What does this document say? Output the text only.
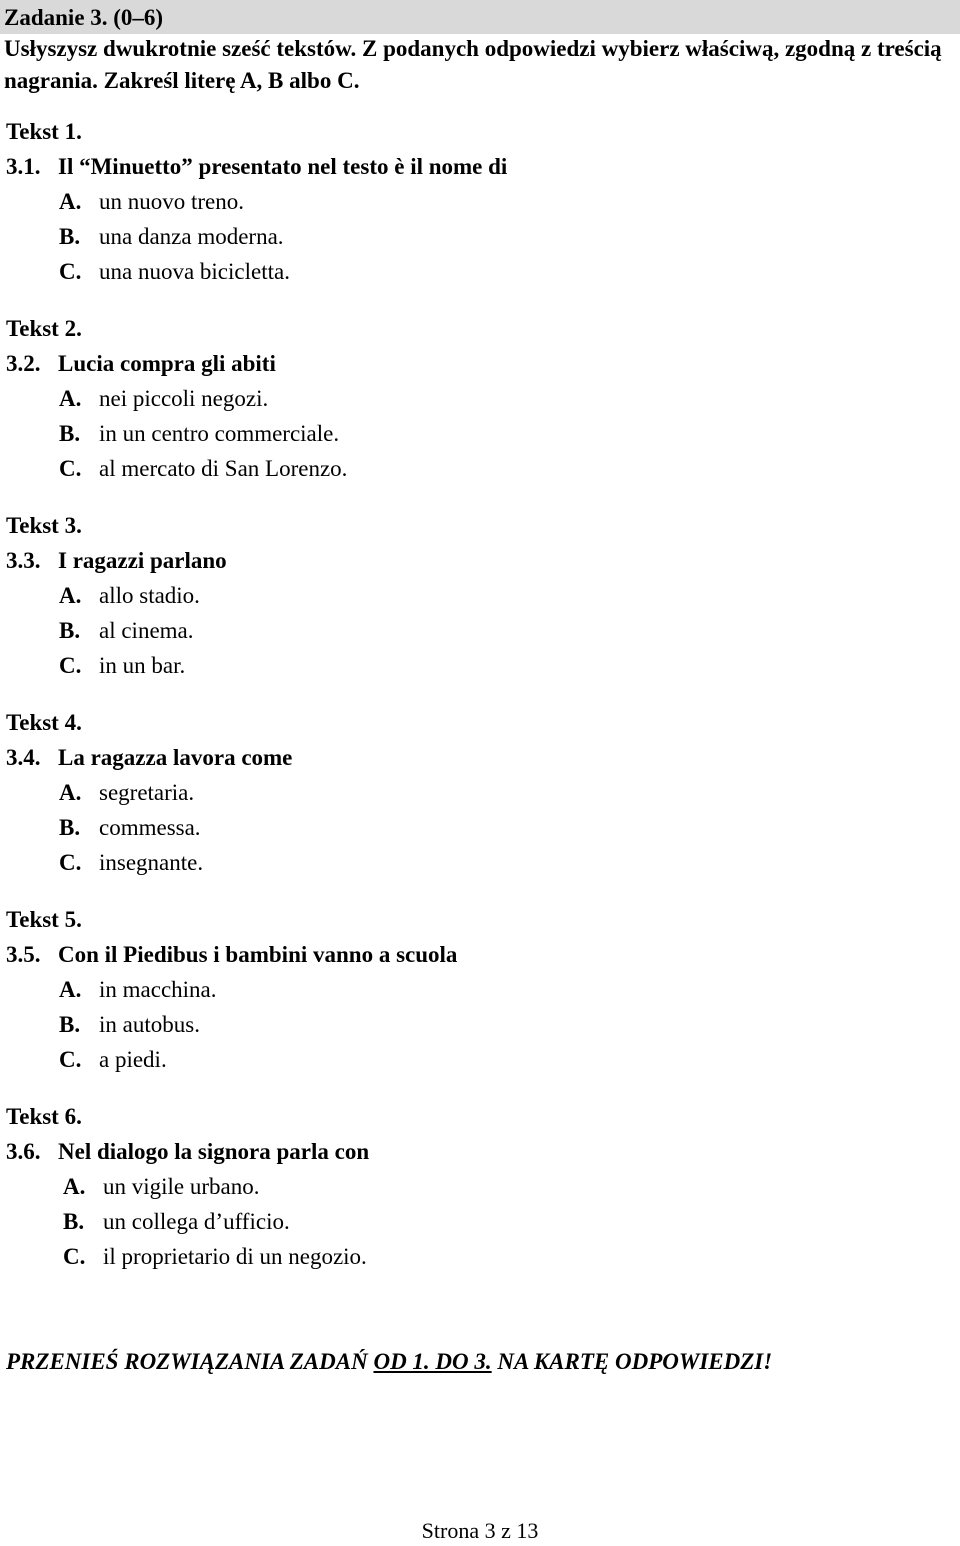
Zadanie 3. (0–6)
Usłyszysz dwukrotnie sześć tekstów. Z podanych odpowiedzi wybierz właściwą, zgodną z treścią nagrania. Zakreśl literę A, B albo C.
Tekst 1.
3.1. Il “Minuetto” presentato nel testo è il nome di
A. un nuovo treno.
B. una danza moderna.
C. una nuova bicicletta.
Tekst 2.
3.2. Lucia compra gli abiti
A. nei piccoli negozi.
B. in un centro commerciale.
C. al mercato di San Lorenzo.
Tekst 3.
3.3. I ragazzi parlano
A. allo stadio.
B. al cinema.
C. in un bar.
Tekst 4.
3.4. La ragazza lavora come
A. segretaria.
B. commessa.
C. insegnante.
Tekst 5.
3.5. Con il Piedibus i bambini vanno a scuola
A. in macchina.
B. in autobus.
C. a piedi.
Tekst 6.
3.6. Nel dialogo la signora parla con
A. un vigile urbano.
B. un collega d’ufficio.
C. il proprietario di un negozio.
PRZENIEŚ ROZWIĄZANIA ZADAŃ OD 1. DO 3. NA KARTĘ ODPOWIEDZI!
Strona 3 z 13
